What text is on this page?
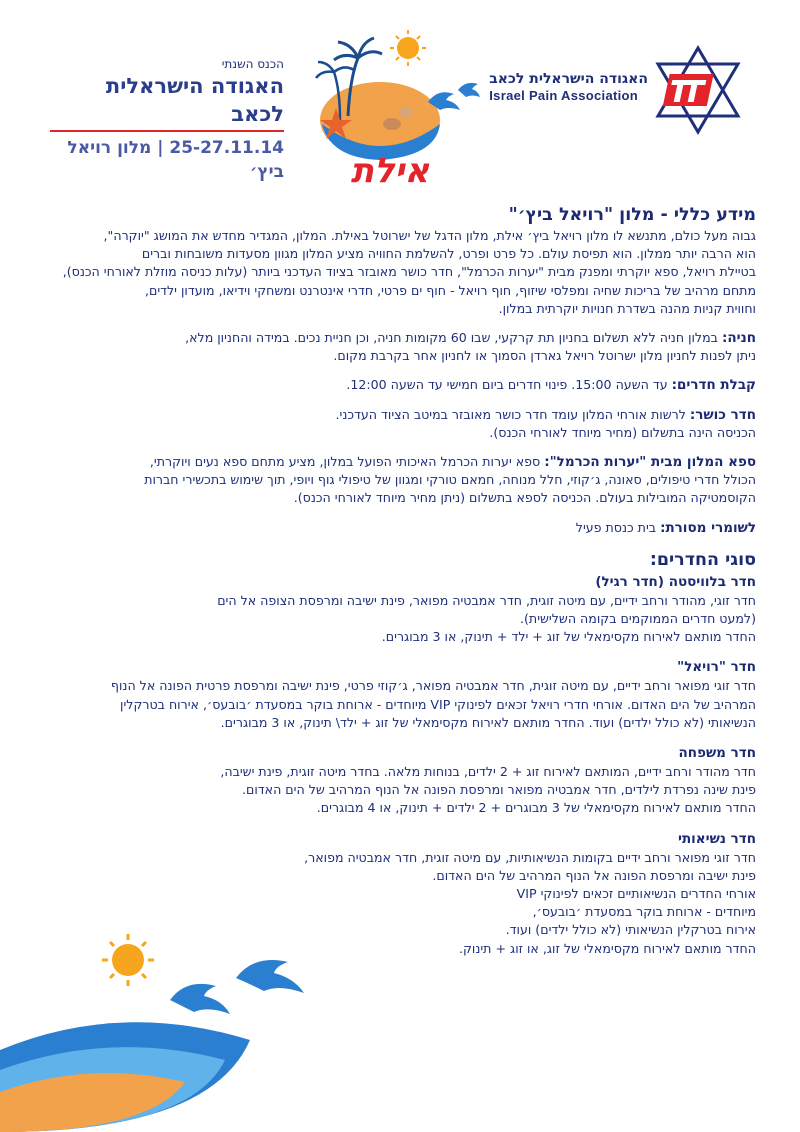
האגודה הישראלית לכאב
Israel Pain Association
אילת
הכנס השנתי
האגודה הישראלית לכאב
25-27.11.14 | מלון רויאל ביץ׳

מידע כללי - מלון "רויאל ביץ׳"

גבוה מעל כולם, מתנשא לו מלון רויאל ביץ׳ אילת, מלון הדגל של ישרוטל באילת. המלון, המגדיר מחדש את המושג "יוקרה",

הוא הרבה יותר ממלון. הוא תפיסת עולם. כל פרט ופרט, להשלמת החוויה מציע המלון מגוון מסעדות משובחות וברים

בטיילת רויאל, ספא יוקרתי ומפנק מבית "יערות הכרמל", חדר כושר מאובזר בציוד העדכני ביותר (עלות כניסה מוזלת לאורחי הכנס),

מתחם מרהיב של בריכות שחיה ומפלסי שיזוף, חוף רויאל - חוף ים פרטי, חדרי אינטרנט ומשחקי וידיאו, מועדון ילדים,

וחווית קניות מהנה בשדרת חנויות יוקרתית במלון.

חניה: במלון חניה ללא תשלום בחניון תת קרקעי, שבו 60 מקומות חניה, וכן חניית נכים. במידה והחניון מלא,

ניתן לפנות לחניון מלון ישרוטל רויאל גארדן הסמוך או לחניון אחר בקרבת מקום.

קבלת חדרים: עד השעה 15:00. פינוי חדרים ביום חמישי עד השעה 12:00.

חדר כושר: לרשות אורחי המלון עומד חדר כושר מאובזר במיטב הציוד העדכני.

הכניסה הינה בתשלום (מחיר מיוחד לאורחי הכנס).

ספא המלון מבית "יערות הכרמל": ספא יערות הכרמל האיכותי הפועל במלון, מציע מתחם ספא נעים ויוקרתי,

הכולל חדרי טיפולים, סאונה, ג׳קוזי, חלל מנוחה, חמאם טורקי ומגוון של טיפולי גוף ויופי, תוך שימוש בתכשירי חברות

הקוסמטיקה המובילות בעולם. הכניסה לספא בתשלום (ניתן מחיר מיוחד לאורחי הכנס).

לשומרי מסורת: בית כנסת פעיל

סוגי החדרים:

חדר בלוויסטה (חדר רגיל)

חדר זוגי, מהודר ורחב ידיים, עם מיטה זוגית, חדר אמבטיה מפואר, פינת ישיבה ומרפסת הצופה אל הים

(למעט חדרים הממוקמים בקומה השלישית).

החדר מותאם לאירוח מקסימאלי של זוג + ילד + תינוק, או 3 מבוגרים.

חדר "רויאל"

חדר זוגי מפואר ורחב ידיים, עם מיטה זוגית, חדר אמבטיה מפואר, ג׳קוזי פרטי, פינת ישיבה ומרפסת פרטית הפונה אל הנוף

המרהיב של הים האדום. אורחי חדרי רויאל זכאים לפינוקי VIP מיוחדים - ארוחת בוקר במסעדת ׳בובעס׳, אירוח בטרקלין

הנשיאותי (לא כולל ילדים) ועוד. החדר מותאם לאירוח מקסימאלי של זוג + ילד\ תינוק, או 3 מבוגרים.

חדר משפחה

חדר מהודר ורחב ידיים, המותאם לאירוח זוג + 2 ילדים, בנוחות מלאה. בחדר מיטה זוגית, פינת ישיבה,

פינת שינה נפרדת לילדים, חדר אמבטיה מפואר ומרפסת הפונה אל הנוף המרהיב של הים האדום.

החדר מותאם לאירוח מקסימאלי של 3 מבוגרים + 2 ילדים + תינוק, או 4 מבוגרים.

חדר נשיאותי

חדר זוגי מפואר ורחב ידיים בקומות הנשיאותיות, עם מיטה זוגית, חדר אמבטיה מפואר,

פינת ישיבה ומרפסת הפונה אל הנוף המרהיב של הים האדום.

אורחי החדרים הנשיאותיים זכאים לפינוקי VIP

מיוחדים - ארוחת בוקר במסעדת ׳בובעס׳,

אירוח בטרקלין הנשיאותי (לא כולל ילדים) ועוד.

החדר מותאם לאירוח מקסימאלי של זוג, או זוג + תינוק.
